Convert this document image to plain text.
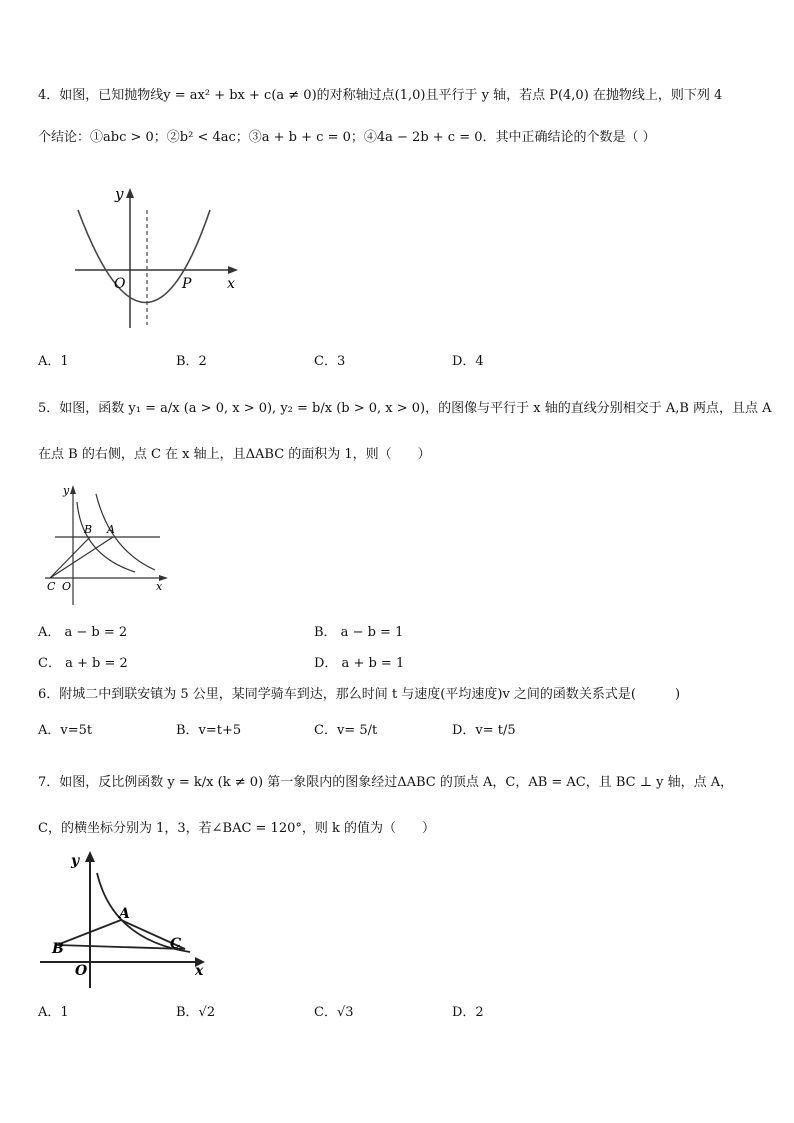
4．如图，已知抛物线y = ax² + bx + c(a ≠ 0)的对称轴过点(1,0)且平行于 y 轴，若点 P(4,0) 在抛物线上，则下列 4
个结论：①abc > 0；②b² < 4ac；③a + b + c = 0；④4a − 2b + c = 0．其中正确结论的个数是（ ）
y
O	P	x
A．1	B．2	C．3	D．4
5．如图，函数 y₁ = a/x (a > 0, x > 0), y₂ = b/x (b > 0, x > 0)，的图像与平行于 x 轴的直线分别相交于 A,B 两点，且点 A
在点 B 的右侧，点 C 在 x 轴上，且ΔABC 的面积为 1，则（　　）
y
B A
C O	x
A． a − b = 2	B． a − b = 1
C． a + b = 2	D． a + b = 1
6．附城二中到联安镇为 5 公里，某同学骑车到达，那么时间 t 与速度(平均速度)v 之间的函数关系式是(　　　)
A．v=5t	B．v=t+5	C．v= 5/t	D．v= t/5
7．如图，反比例函数 y = k/x (k ≠ 0) 第一象限内的图象经过ΔABC 的顶点 A，C，AB = AC，且 BC ⊥ y 轴，点 A，
C，的横坐标分别为 1，3，若∠BAC = 120°，则 k 的值为（　　）
y
A
B	C
O	x
A．1	B．√2	C．√3	D．2
